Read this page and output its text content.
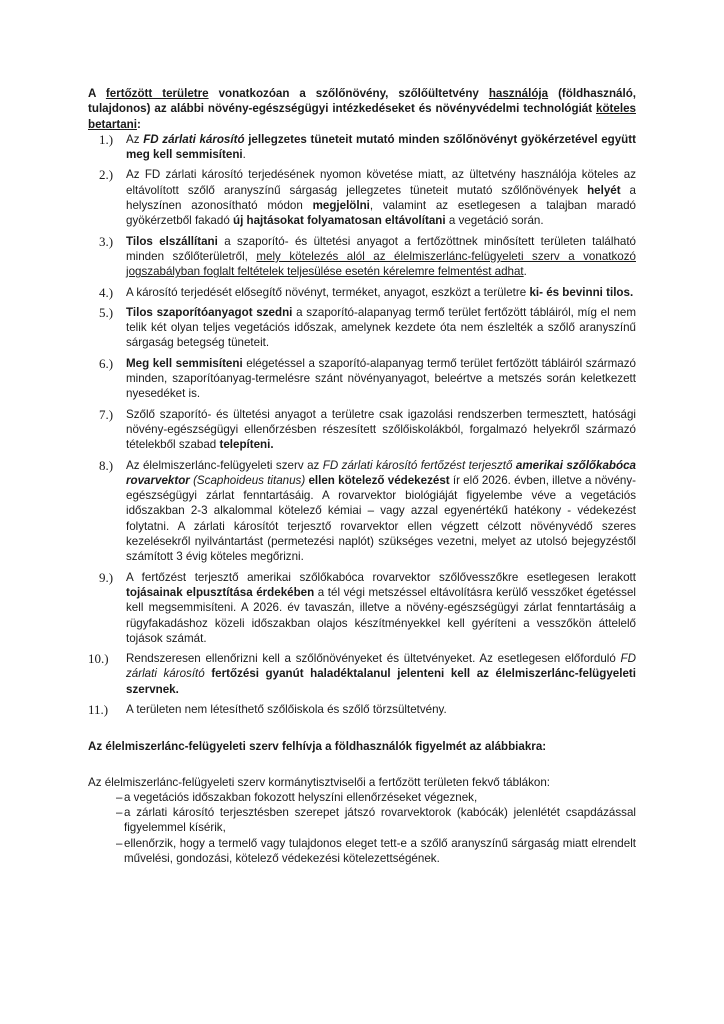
A fertőzött területre vonatkozóan a szőlőnövény, szőlőültetvény használója (földhasználó, tulajdonos) az alábbi növény-egészségügyi intézkedéseket és növényvédelmi technológiát köteles betartani:

1.) Az FD zárlati károsító jellegzetes tüneteit mutató minden szőlőnövényt gyökérzetével együtt meg kell semmisíteni.
2.) Az FD zárlati károsító terjedésének nyomon követése miatt, az ültetvény használója köteles az eltávolított szőlő aranyszínű sárgaság jellegzetes tüneteit mutató szőlőnövények helyét a helyszínen azonosítható módon megjelölni, valamint az esetlegesen a talajban maradó gyökérzetből fakadó új hajtásokat folyamatosan eltávolítani a vegetáció során.
3.) Tilos elszállítani a szaporító- és ültetési anyagot a fertőzöttnek minősített területen található minden szőlőterületről, mely kötelezés alól az élelmiszerlánc-felügyeleti szerv a vonatkozó jogszabályban foglalt feltételek teljesülése esetén kérelemre felmentést adhat.
4.) A károsító terjedését elősegítő növényt, terméket, anyagot, eszközt a területre ki- és bevinni tilos.
5.) Tilos szaporítóanyagot szedni a szaporító-alapanyag termő terület fertőzött tábláiról, míg el nem telik két olyan teljes vegetációs időszak, amelynek kezdete óta nem észlelték a szőlő aranyszínű sárgaság betegség tüneteit.
6.) Meg kell semmisíteni elégetéssel a szaporító-alapanyag termő terület fertőzött tábláiról származó minden, szaporítóanyag-termelésre szánt növényanyagot, beleértve a metszés során keletkezett nyesedéket is.
7.) Szőlő szaporító- és ültetési anyagot a területre csak igazolási rendszerben termesztett, hatósági növény-egészségügyi ellenőrzésben részesített szőlőiskolákból, forgalmazó helyekről származó tételekből szabad telepíteni.
8.) Az élelmiszerlánc-felügyeleti szerv az FD zárlati károsító fertőzést terjesztő amerikai szőlőkabóca rovarvektor (Scaphoideus titanus) ellen kötelező védekezést ír elő 2026. évben, illetve a növény-egészségügyi zárlat fenntartásáig. A rovarvektor biológiáját figyelembe véve a vegetációs időszakban 2-3 alkalommal kötelező kémiai – vagy azzal egyenértékű hatékony - védekezést folytatni. A zárlati károsítót terjesztő rovarvektor ellen végzett célzott növényvédő szeres kezelésekről nyilvántartást (permetezési naplót) szükséges vezetni, melyet az utolsó bejegyzéstől számított 3 évig köteles megőrizni.
9.) A fertőzést terjesztő amerikai szőlőkabóca rovarvektor szőlővesszőkre esetlegesen lerakott tojásainak elpusztítása érdekében a tél végi metszéssel eltávolításra kerülő vesszőket égetéssel kell megsemmisíteni. A 2026. év tavaszán, illetve a növény-egészségügyi zárlat fenntartásáig a rügyfakadáshoz közeli időszakban olajos készítményekkel kell gyéríteni a vesszőkön áttelelő tojások számát.
10.) Rendszeresen ellenőrizni kell a szőlőnövényeket és ültetvényeket. Az esetlegesen előforduló FD zárlati károsító fertőzési gyanút haladéktalanul jelenteni kell az élelmiszerlánc-felügyeleti szervnek.
11.) A területen nem létesíthető szőlőiskola és szőlő törzsültetvény.

Az élelmiszerlánc-felügyeleti szerv felhívja a földhasználók figyelmét az alábbiakra:

Az élelmiszerlánc-felügyeleti szerv kormánytisztviselői a fertőzött területen fekvő táblákon:

– a vegetációs időszakban fokozott helyszíni ellenőrzéseket végeznek,
– a zárlati károsító terjesztésben szerepet játszó rovarvektorok (kabócák) jelenlétét csapdázással figyelemmel kísérik,
– ellenőrzik, hogy a termelő vagy tulajdonos eleget tett-e a szőlő aranyszínű sárgaság miatt elrendelt művelési, gondozási, kötelező védekezési kötelezettségének.
